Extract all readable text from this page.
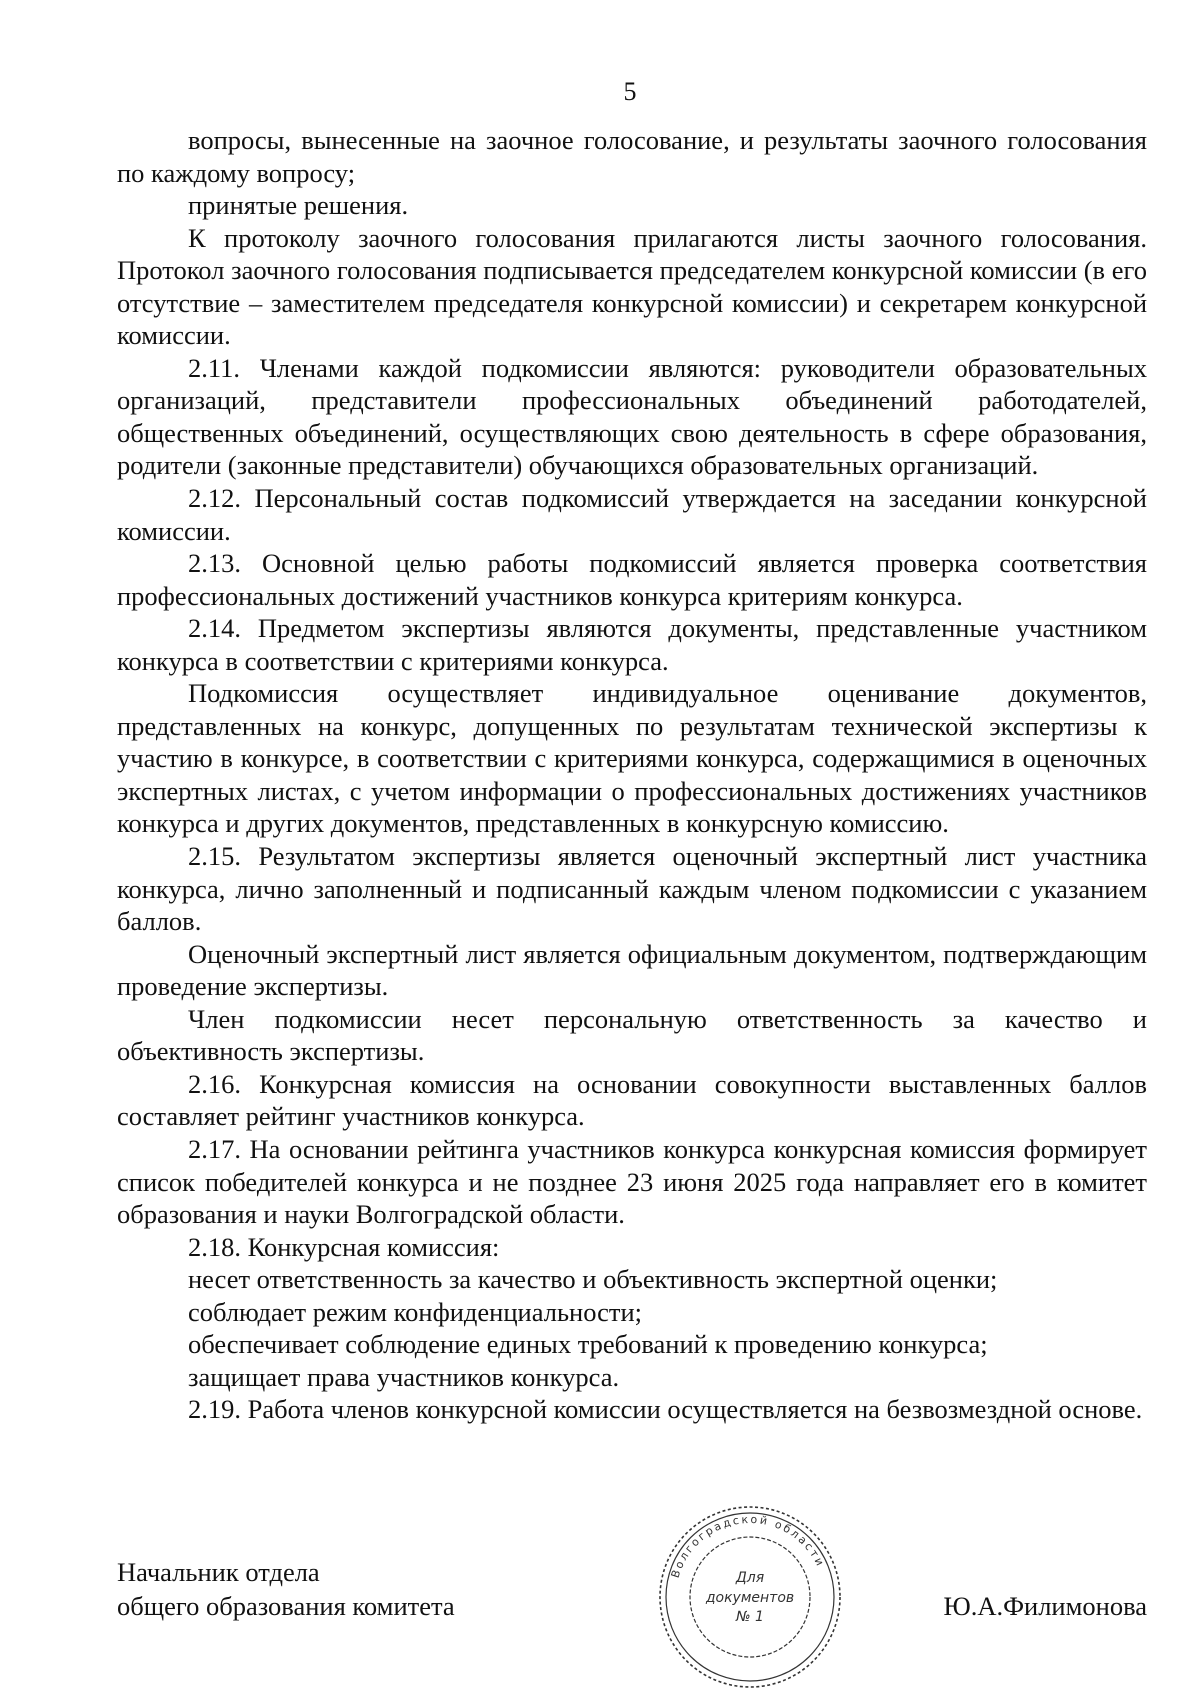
5

вопросы, вынесенные на заочное голосование, и результаты заочного голосования по каждому вопросу;

принятые решения.

К протоколу заочного голосования прилагаются листы заочного голосования.

Протокол заочного голосования подписывается председателем конкурсной комиссии (в его отсутствие – заместителем председателя конкурсной комиссии) и секретарем конкурсной комиссии.

2.11. Членами каждой подкомиссии являются: руководители образовательных организаций, представители профессиональных объединений работодателей, общественных объединений, осуществляющих свою деятельность в сфере образования, родители (законные представители) обучающихся образовательных организаций.

2.12. Персональный состав подкомиссий утверждается на заседании конкурсной комиссии.

2.13. Основной целью работы подкомиссий является проверка соответствия профессиональных достижений участников конкурса критериям конкурса.

2.14. Предметом экспертизы являются документы, представленные участником конкурса в соответствии с критериями конкурса.

Подкомиссия осуществляет индивидуальное оценивание документов, представленных на конкурс, допущенных по результатам технической экспертизы к участию в конкурсе, в соответствии с критериями конкурса, содержащимися в оценочных экспертных листах, с учетом информации о профессиональных достижениях участников конкурса и других документов, представленных в конкурсную комиссию.

2.15. Результатом экспертизы является оценочный экспертный лист участника конкурса, лично заполненный и подписанный каждым членом подкомиссии с указанием баллов.

Оценочный экспертный лист является официальным документом, подтверждающим проведение экспертизы.

Член подкомиссии несет персональную ответственность за качество и объективность экспертизы.

2.16. Конкурсная комиссия на основании совокупности выставленных баллов составляет рейтинг участников конкурса.

2.17. На основании рейтинга участников конкурса конкурсная комиссия формирует список победителей конкурса и не позднее 23 июня 2025 года направляет его в комитет образования и науки Волгоградской области.

2.18. Конкурсная комиссия:

несет ответственность за качество и объективность экспертной оценки;

соблюдает режим конфиденциальности;

обеспечивает соблюдение единых требований к проведению конкурса;

защищает права участников конкурса.

2.19. Работа членов конкурсной комиссии осуществляется на безвозмездной основе.

Начальник отдела
общего образования комитета	Ю.А.Филимонова
Волгоградской области
Для
документов
№ 1
